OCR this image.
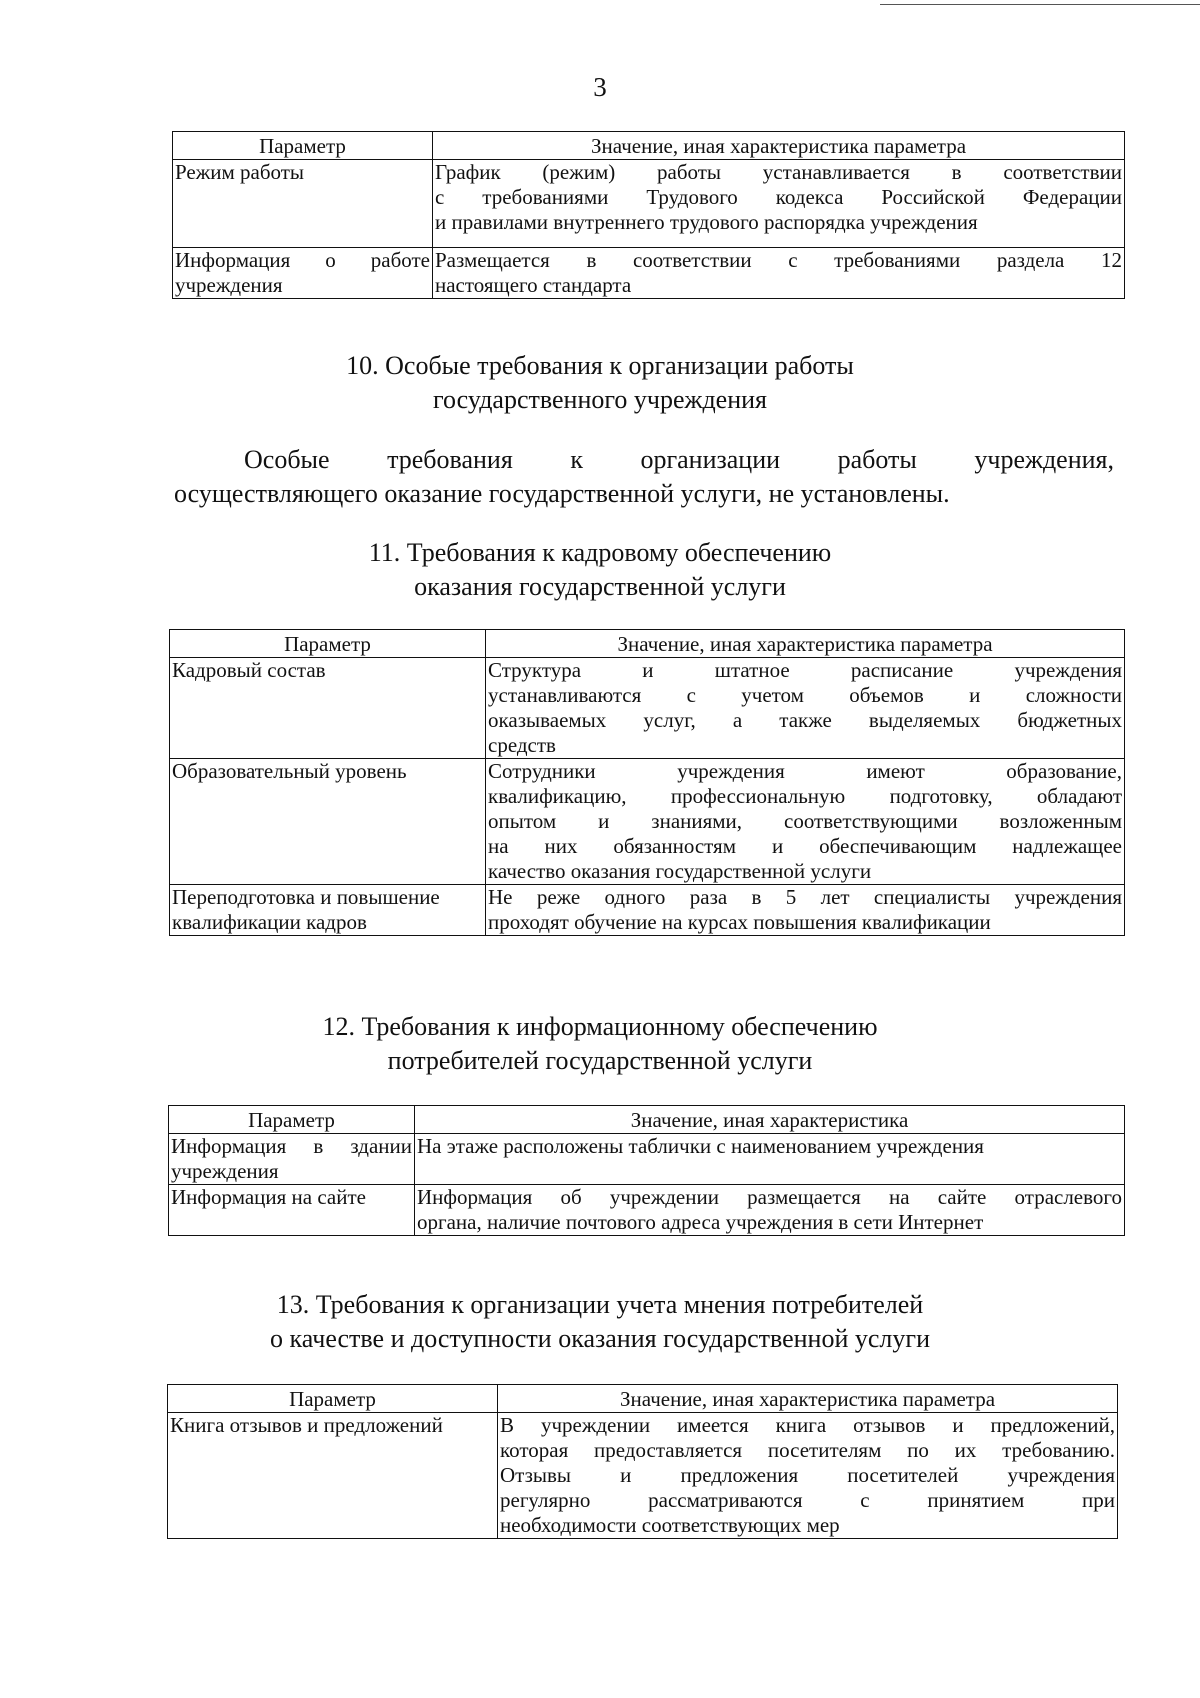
3
Параметр	Значение, иная характеристика параметра
Режим работы	График (режим) работы устанавливается в соответствии
с требованиями Трудового кодекса Российской Федерации
и правилами внутреннего трудового распорядка учреждения

Информация о работе
учреждения	Размещается в соответствии с требованиями раздела 12
настоящего стандарта
10. Особые требования к организации работы
государственного учреждения
Особые требования к организации работы учреждения,
осуществляющего оказание государственной услуги, не установлены.
11. Требования к кадровому обеспечению
оказания государственной услуги
Параметр	Значение, иная характеристика параметра
Кадровый состав	Структура и штатное расписание учреждения
устанавливаются с учетом объемов и сложности
оказываемых услуг, а также выделяемых бюджетных
средств

Образовательный уровень	Сотрудники учреждения имеют образование,
квалификацию, профессиональную подготовку, обладают
опытом и знаниями, соответствующими возложенным
на них обязанностям и обеспечивающим надлежащее
качество оказания государственной услуги

Переподготовка и повышение
квалификации кадров	Не реже одного раза в 5 лет специалисты учреждения
проходят обучение на курсах повышения квалификации
12. Требования к информационному обеспечению
потребителей государственной услуги
Параметр	Значение, иная характеристика

Информация в здании
учреждения	На этаже расположены таблички с наименованием учреждения

Информация на сайте	Информация об учреждении размещается на сайте отраслевого
органа, наличие почтового адреса учреждения в сети Интернет
13. Требования к организации учета мнения потребителей
о качестве и доступности оказания государственной услуги
Параметр	Значение, иная характеристика параметра
Книга отзывов и предложений	В учреждении имеется книга отзывов и предложений,
которая предоставляется посетителям по их требованию.
Отзывы и предложения посетителей учреждения
регулярно рассматриваются с принятием при
необходимости соответствующих мер
